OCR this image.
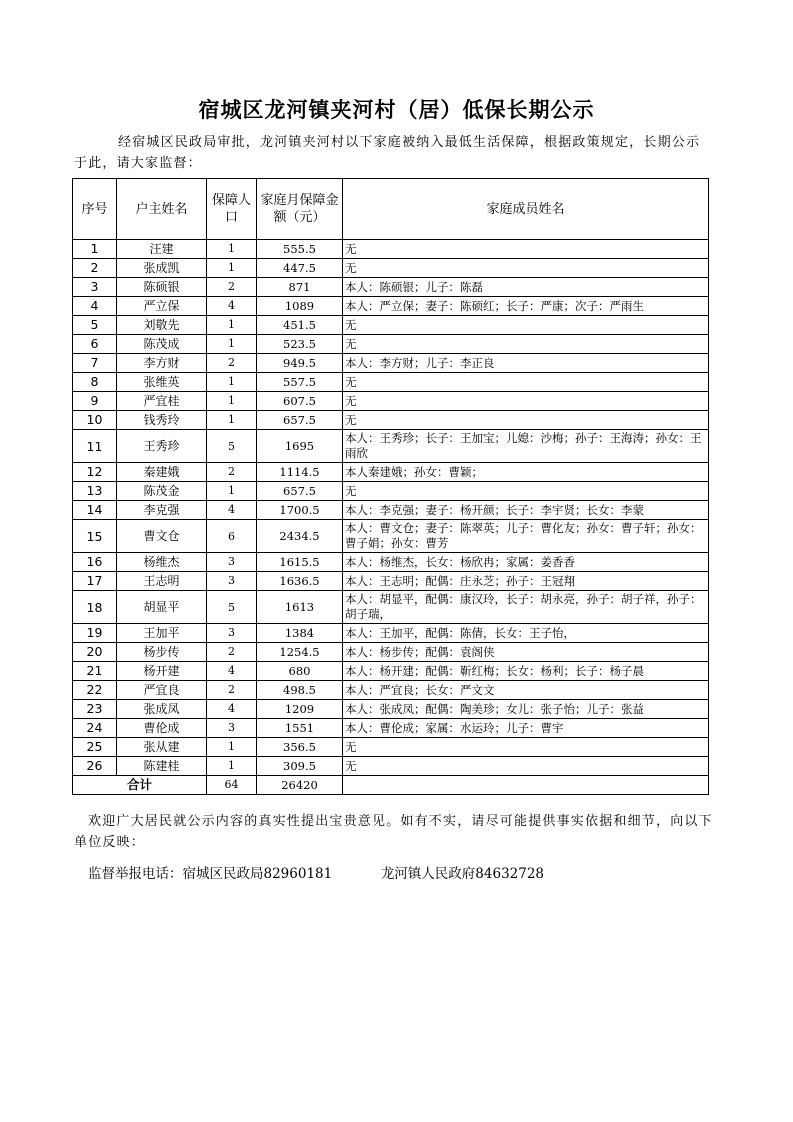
宿城区龙河镇夹河村（居）低保长期公示
经宿城区民政局审批，龙河镇夹河村以下家庭被纳入最低生活保障，根据政策规定，长期公示于此，请大家监督：
序号	户主姓名	保障人口	家庭月保障金额（元）	家庭成员姓名
1	汪建	1	555.5	无
2	张成凯	1	447.5	无
3	陈硕银	2	871	本人：陈硕银；儿子：陈磊
4	严立保	4	1089	本人：严立保；妻子：陈硕红；长子：严康；次子：严雨生
5	刘敬先	1	451.5	无
6	陈茂成	1	523.5	无
7	李方财	2	949.5	本人：李方财；儿子：李正良
8	张维英	1	557.5	无
9	严宜桂	1	607.5	无
10	钱秀玲	1	657.5	无
11	王秀珍	5	1695	本人：王秀珍；长子：王加宝；儿媳：沙梅；孙子：王海涛；孙女：王雨欣
12	秦建娥	2	1114.5	本人秦建娥；孙女：曹颖；
13	陈茂金	1	657.5	无
14	李克强	4	1700.5	本人：李克强；妻子：杨开颜；长子：李宇贤；长女：李蒙
15	曹文仓	6	2434.5	本人：曹文仓；妻子：陈翠英；儿子：曹化友；孙女：曹子轩；孙女：曹子娟；孙女：曹芳
16	杨维杰	3	1615.5	本人：杨维杰，长女：杨欣冉；家属：姜香香
17	王志明	3	1636.5	本人：王志明；配偶：庄永芝；孙子：王冠翔
18	胡显平	5	1613	本人：胡显平，配偶：康汉玲，长子：胡永亮，孙子：胡子祥，孙子：胡子瑞，
19	王加平	3	1384	本人：王加平，配偶：陈倩，长女：王子怡，
20	杨步传	2	1254.5	本人：杨步传；配偶：袁阁侠
21	杨开建	4	680	本人：杨开建；配偶：靳红梅；长女：杨利；长子：杨子晨
22	严宜良	2	498.5	本人：严宜良；长女：严文文
23	张成凤	4	1209	本人：张成凤；配偶：陶美珍；女儿：张子怡；儿子：张益
24	曹伦成	3	1551	本人：曹伦成；家属：水运玲；儿子：曹宇
25	张从建	1	356.5	无
26	陈建桂	1	309.5	无
合计		64	26420	
欢迎广大居民就公示内容的真实性提出宝贵意见。如有不实，请尽可能提供事实依据和细节，向以下单位反映：
监督举报电话：宿城区民政局82960181	龙河镇人民政府84632728
